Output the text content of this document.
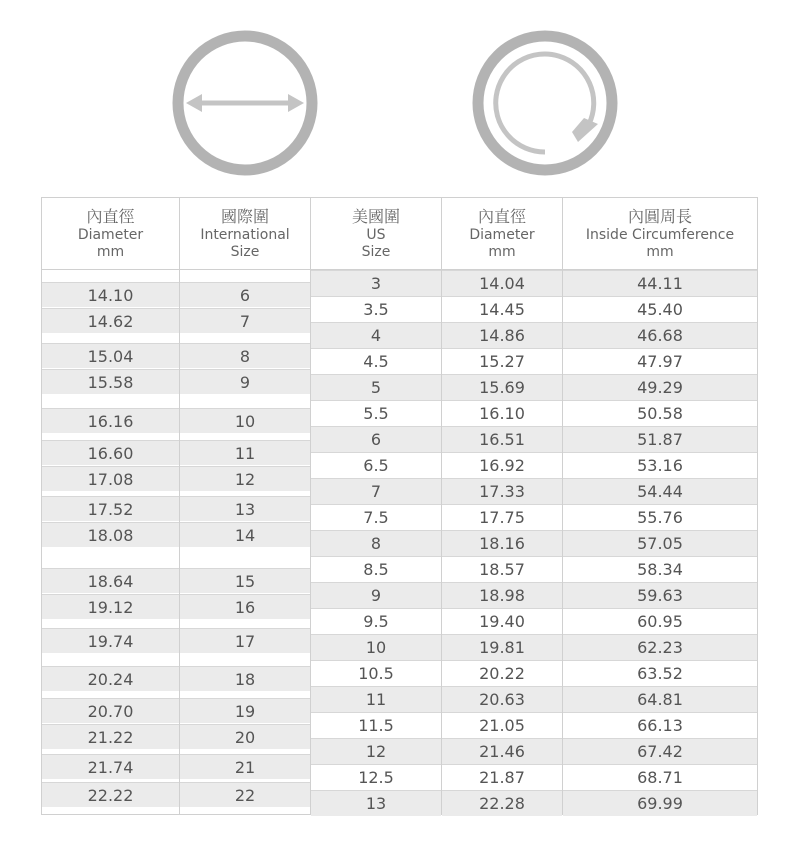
內直徑
Diameter
mm
國際圍
International
Size
美國圍
US
Size
內直徑
Diameter
mm
內圓周長
Inside Circumference
mm
14.10
14.62
15.04
15.58
16.16
16.60
17.08
17.52
18.08
18.64
19.12
19.74
20.24
20.70
21.22
21.74
22.22
6
7
8
9
10
11
12
13
14
15
16
17
18
19
20
21
22
3
3.5
4
4.5
5
5.5
6
6.5
7
7.5
8
8.5
9
9.5
10
10.5
11
11.5
12
12.5
13
14.04
14.45
14.86
15.27
15.69
16.10
16.51
16.92
17.33
17.75
18.16
18.57
18.98
19.40
19.81
20.22
20.63
21.05
21.46
21.87
22.28
44.11
45.40
46.68
47.97
49.29
50.58
51.87
53.16
54.44
55.76
57.05
58.34
59.63
60.95
62.23
63.52
64.81
66.13
67.42
68.71
69.99
